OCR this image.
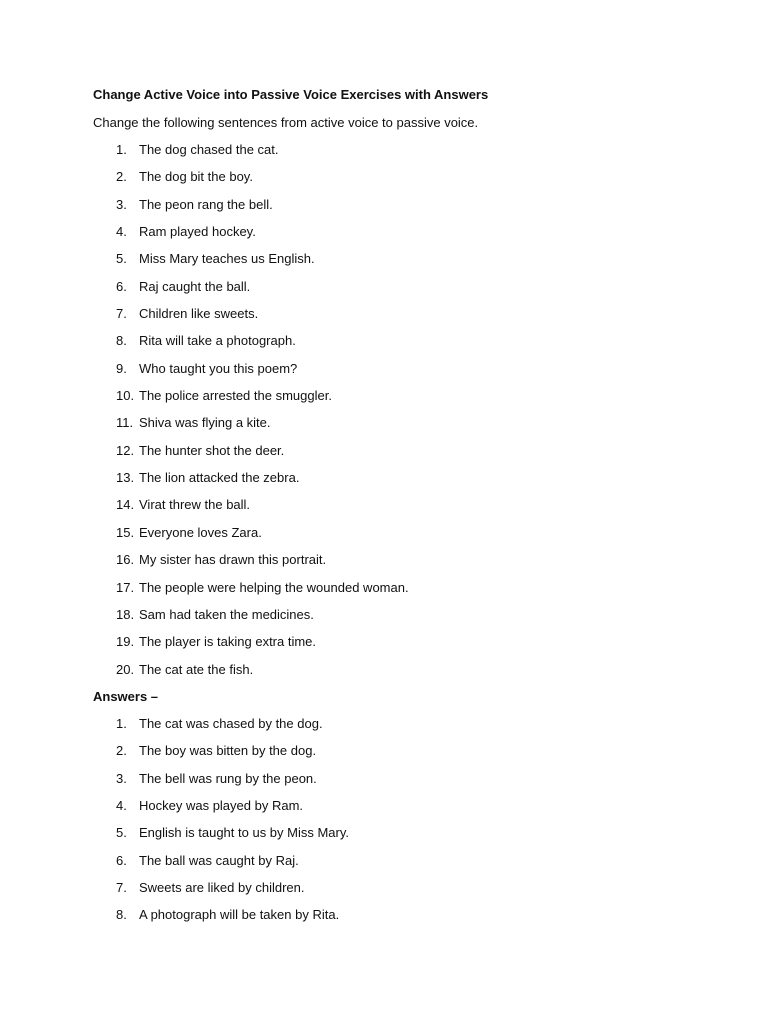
Change Active Voice into Passive Voice Exercises with Answers
Change the following sentences from active voice to passive voice.
1. The dog chased the cat.
2. The dog bit the boy.
3. The peon rang the bell.
4. Ram played hockey.
5. Miss Mary teaches us English.
6. Raj caught the ball.
7. Children like sweets.
8. Rita will take a photograph.
9. Who taught you this poem?
10. The police arrested the smuggler.
11. Shiva was flying a kite.
12. The hunter shot the deer.
13. The lion attacked the zebra.
14. Virat threw the ball.
15. Everyone loves Zara.
16. My sister has drawn this portrait.
17. The people were helping the wounded woman.
18. Sam had taken the medicines.
19. The player is taking extra time.
20. The cat ate the fish.
Answers –
1. The cat was chased by the dog.
2. The boy was bitten by the dog.
3. The bell was rung by the peon.
4. Hockey was played by Ram.
5. English is taught to us by Miss Mary.
6. The ball was caught by Raj.
7. Sweets are liked by children.
8. A photograph will be taken by Rita.
